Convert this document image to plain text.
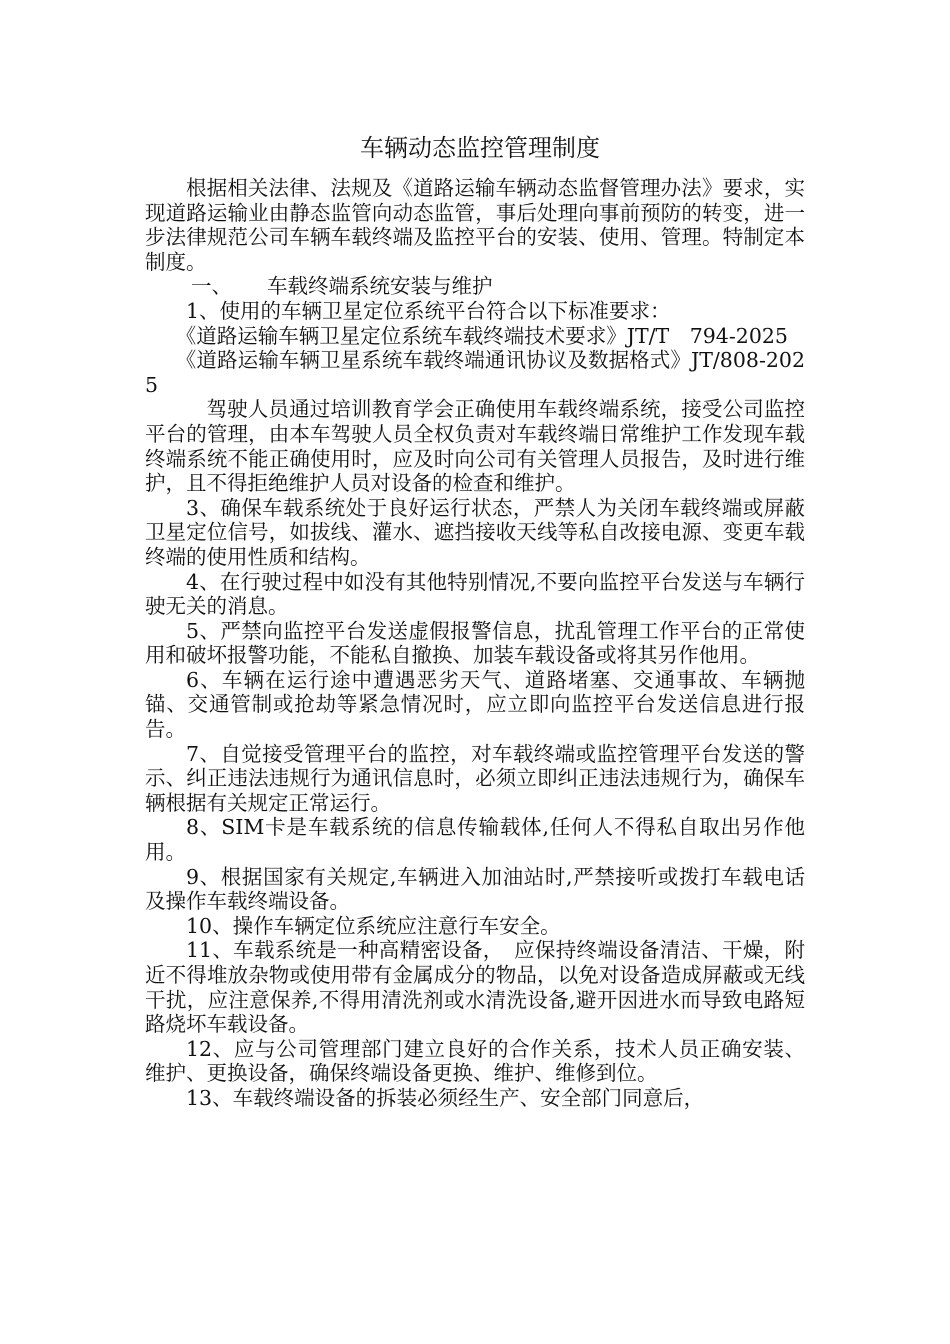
车辆动态监控管理制度

根据相关法律、法规及《道路运输车辆动态监督管理办法》要求，实现道路运输业由静态监管向动态监管，事后处理向事前预防的转变，进一步法律规范公司车辆车载终端及监控平台的安装、使用、管理。特制定本制度。

一、 车载终端系统安装与维护

1、使用的车辆卫星定位系统平台符合以下标准要求：

《道路运输车辆卫星定位系统车载终端技术要求》JT/T　794-2025

《道路运输车辆卫星系统车载终端通讯协议及数据格式》JT/808-2025

驾驶人员通过培训教育学会正确使用车载终端系统，接受公司监控平台的管理，由本车驾驶人员全权负责对车载终端日常维护工作发现车载终端系统不能正确使用时，应及时向公司有关管理人员报告，及时进行维护，且不得拒绝维护人员对设备的检查和维护。

3、确保车载系统处于良好运行状态，严禁人为关闭车载终端或屏蔽卫星定位信号，如拔线、灌水、遮挡接收天线等私自改接电源、变更车载终端的使用性质和结构。

4、在行驶过程中如没有其他特别情况,不要向监控平台发送与车辆行驶无关的消息。

5、严禁向监控平台发送虚假报警信息，扰乱管理工作平台的正常使用和破坏报警功能，不能私自撤换、加装车载设备或将其另作他用。

6、车辆在运行途中遭遇恶劣天气、道路堵塞、交通事故、车辆抛锚、交通管制或抢劫等紧急情况时，应立即向监控平台发送信息进行报告。

7、自觉接受管理平台的监控，对车载终端或监控管理平台发送的警示、纠正违法违规行为通讯信息时，必须立即纠正违法违规行为，确保车辆根据有关规定正常运行。

8、SIM卡是车载系统的信息传输载体,任何人不得私自取出另作他用。

9、根据国家有关规定,车辆进入加油站时,严禁接听或拨打车载电话及操作车载终端设备。

10、操作车辆定位系统应注意行车安全。

11、车载系统是一种高精密设备，　应保持终端设备清洁、干燥，附近不得堆放杂物或使用带有金属成分的物品，以免对设备造成屏蔽或无线干扰，应注意保养,不得用清洗剂或水清洗设备,避开因进水而导致电路短路烧坏车载设备。

12、应与公司管理部门建立良好的合作关系，技术人员正确安装、维护、更换设备，确保终端设备更换、维护、维修到位。

13、车载终端设备的拆装必须经生产、安全部门同意后，
